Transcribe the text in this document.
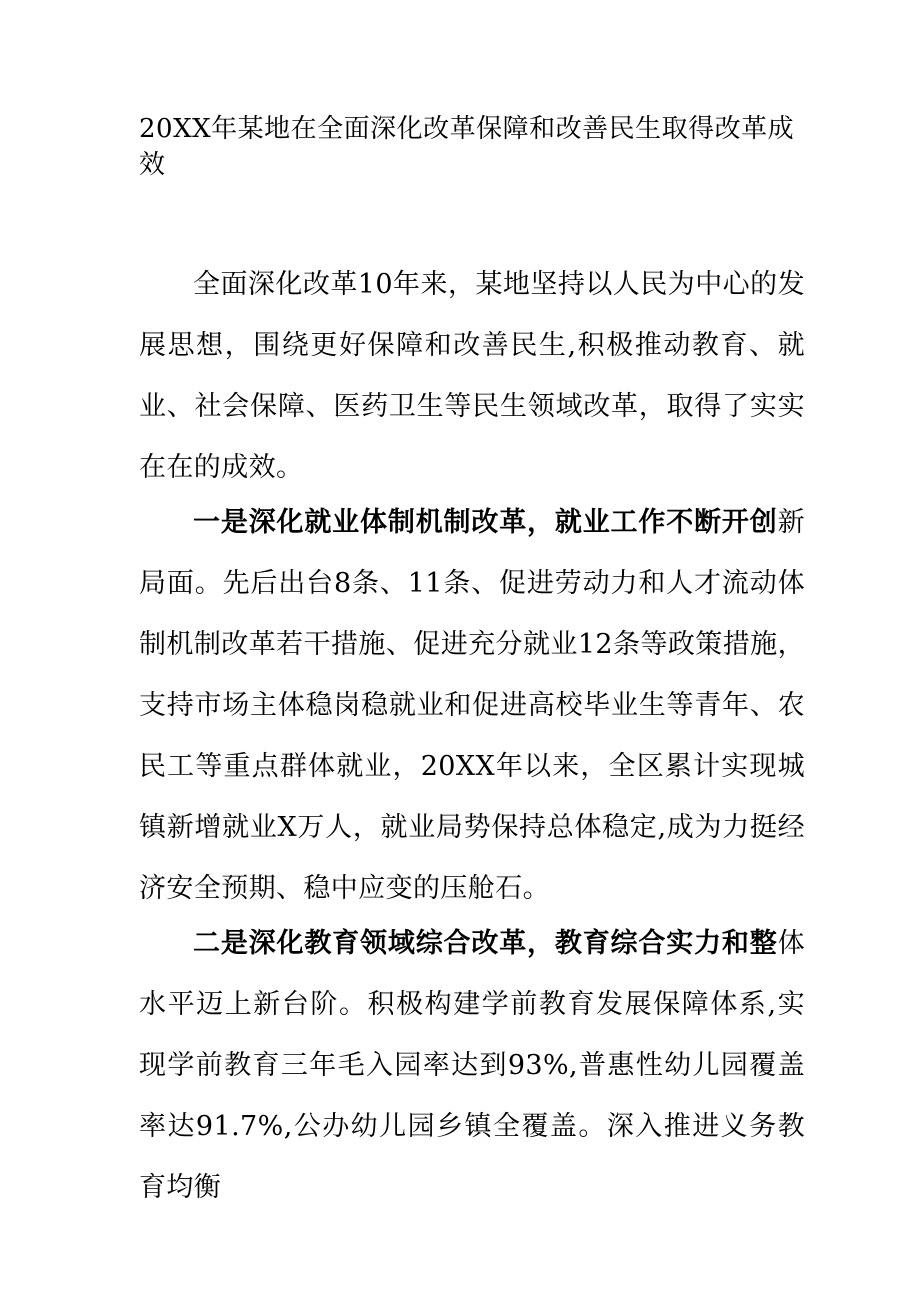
20XX年某地在全面深化改革保障和改善民生取得改革成效

全面深化改革10年来，某地坚持以人民为中心的发展思想，围绕更好保障和改善民生,积极推动教育、就业、社会保障、医药卫生等民生领域改革，取得了实实在在的成效。

一是深化就业体制机制改革，就业工作不断开创新局面。先后出台8条、11条、促进劳动力和人才流动体制机制改革若干措施、促进充分就业12条等政策措施，支持市场主体稳岗稳就业和促进高校毕业生等青年、农民工等重点群体就业，20XX年以来，全区累计实现城镇新增就业X万人，就业局势保持总体稳定,成为力挺经济安全预期、稳中应变的压舱石。

二是深化教育领域综合改革，教育综合实力和整体水平迈上新台阶。积极构建学前教育发展保障体系,实现学前教育三年毛入园率达到93%,普惠性幼儿园覆盖率达91.7%,公办幼儿园乡镇全覆盖。深入推进义务教育均衡
